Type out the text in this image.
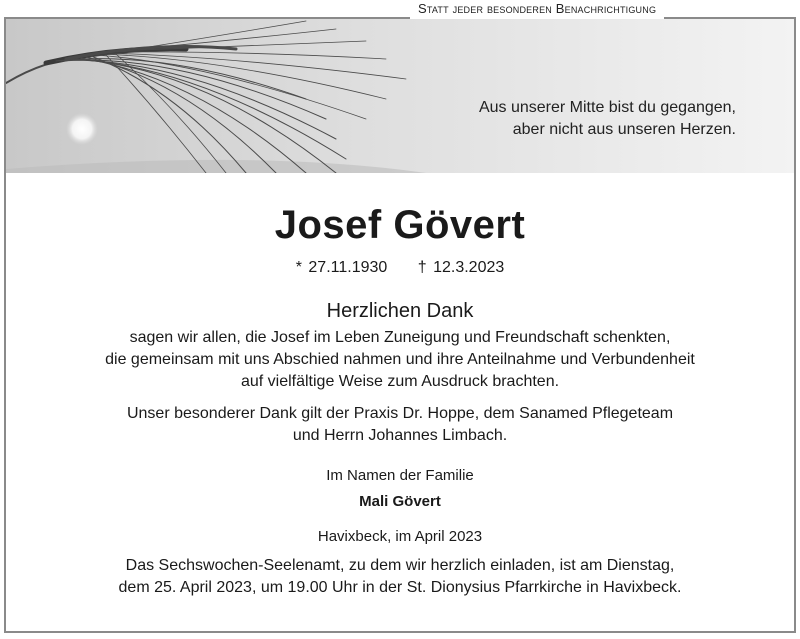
Statt jeder besonderen Benachrichtigung
Aus unserer Mitte bist du gegangen,
aber nicht aus unseren Herzen.
Josef Gövert
* 27.11.1930 † 12.3.2023
Herzlichen Dank
sagen wir allen, die Josef im Leben Zuneigung und Freundschaft schenkten,
die gemeinsam mit uns Abschied nahmen und ihre Anteilnahme und Verbundenheit
auf vielfältige Weise zum Ausdruck brachten.
Unser besonderer Dank gilt der Praxis Dr. Hoppe, dem Sanamed Pflegeteam
und Herrn Johannes Limbach.
Im Namen der Familie
Mali Gövert
Havixbeck, im April 2023
Das Sechswochen-Seelenamt, zu dem wir herzlich einladen, ist am Dienstag,
dem 25. April 2023, um 19.00 Uhr in der St. Dionysius Pfarrkirche in Havixbeck.
